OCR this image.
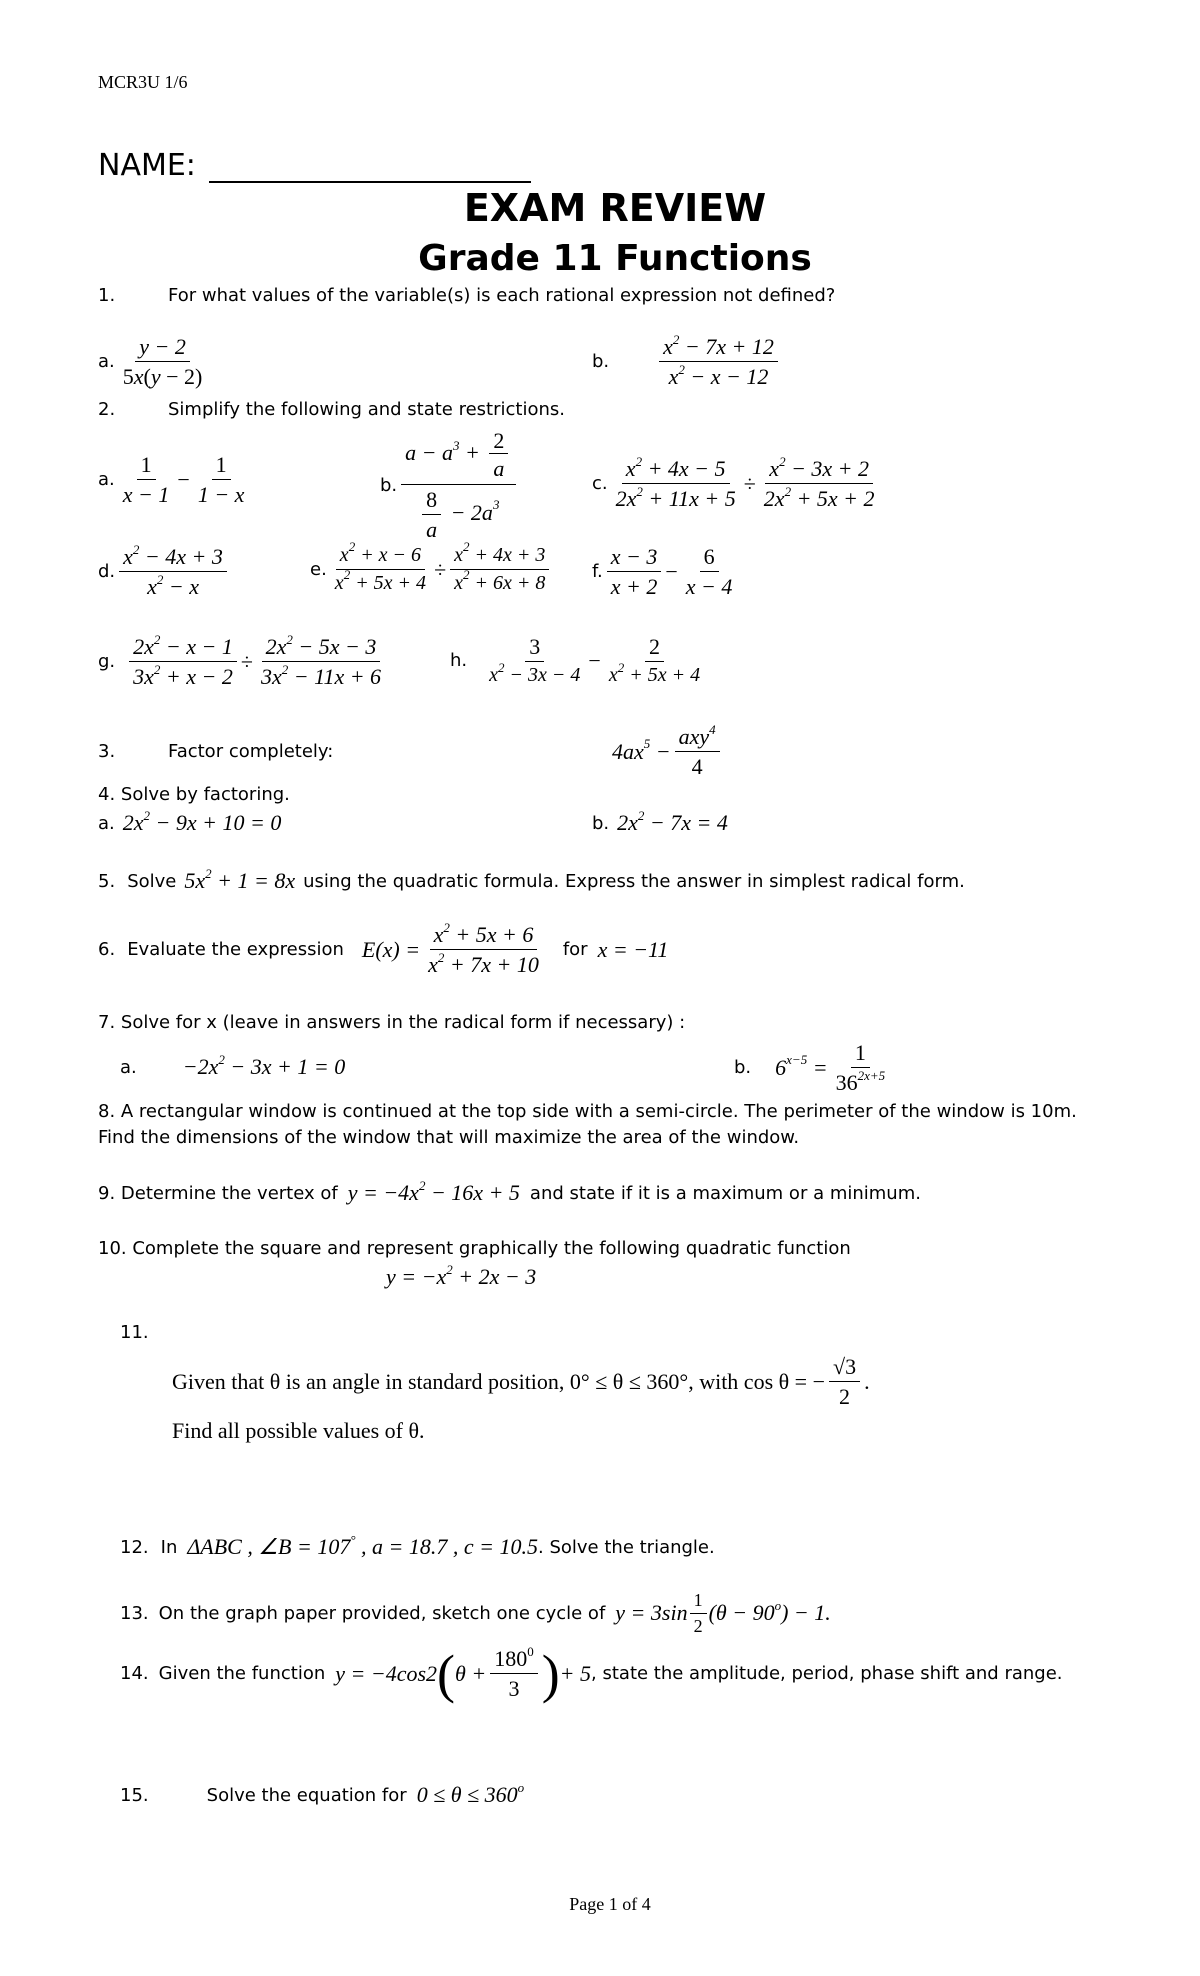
MCR3U 1/6
NAME:
EXAM REVIEW
Grade 11 Functions
1.	For what values of the variable(s) is each rational expression not defined?
a. $\frac{y - 2}{5x(y - 2)}$	b. $\frac{x^2 - 7x + 12}{x^2 - x - 12}$
2.	Simplify the following and state restrictions.
a. $\frac{1}{x - 1} - \frac{1}{1 - x}$	b. $\frac{a - a^3 + \frac{2}{a}}{\frac{8}{a} - 2a^3}$	c. $\frac{x^2 + 4x - 5}{2x^2 + 11x + 5} \div \frac{x^2 - 3x + 2}{2x^2 + 5x + 2}$
d. $\frac{x^2 - 4x + 3}{x^2 - x}$	e. $\frac{x^2 + x - 6}{x^2 + 5x + 4} \div \frac{x^2 + 4x + 3}{x^2 + 6x + 8} f$. $\frac{x - 3}{x + 2} - \frac{6}{x - 4}$
g. $\frac{2x^2 - x - 1}{3x^2 + x - 2} \div \frac{2x^2 - 5x - 3}{3x^2 - 11x + 6}$	h. $\frac{3}{x^2 - 3x - 4} - \frac{2}{x^2 + 5x + 4}$
3.	Factor completely:	$4ax^5 - \frac{axy^4}{4}$
4. Solve by factoring.
a. $2x^2 - 9x + 10 = 0$	b. $2x^2 - 7x = 4$
5. Solve $5x^2 + 1 = 8x$ using the quadratic formula. Express the answer in simplest radical form.
6. Evaluate the expression $E(x) = \frac{x^2 + 5x + 6}{x^2 + 7x + 10}$ for x = −11
7. Solve for x (leave in answers in the radical form if necessary) :
a. $-2x^2 - 3x + 1 = 0$	b. $6^{x-5} = \frac{1}{36^{2x+5}}$
8. A rectangular window is continued at the top side with a semi-circle. The perimeter of the window is 10m.
Find the dimensions of the window that will maximize the area of the window.
9. Determine the vertex of $y = -4x^2 - 16x + 5$ and state if it is a maximum or a minimum.
10. Complete the square and represent graphically the following quadratic function
$y = -x^2 + 2x - 3$
11.
Given that θ is an angle in standard position, 0° ≤ θ ≤ 360°, with cos θ = − $\frac{√3}{2}$ .
Find all possible values of θ.
12. In ΔABC , ∠B = 107° , a = 18.7 , c = 10.5 . Solve the triangle.
13. On the graph paper provided, sketch one cycle of $y = 3\sin \frac{1}{2} (\theta - 90^o) - 1$.
14. Given the function y = −4cos2 ( $\theta + \frac{180^0}{3}$ ) + 5 , state the amplitude, period, phase shift and range.
15.	Solve the equation for $0 \le \theta \le 360^o$
Page 1 of 4
